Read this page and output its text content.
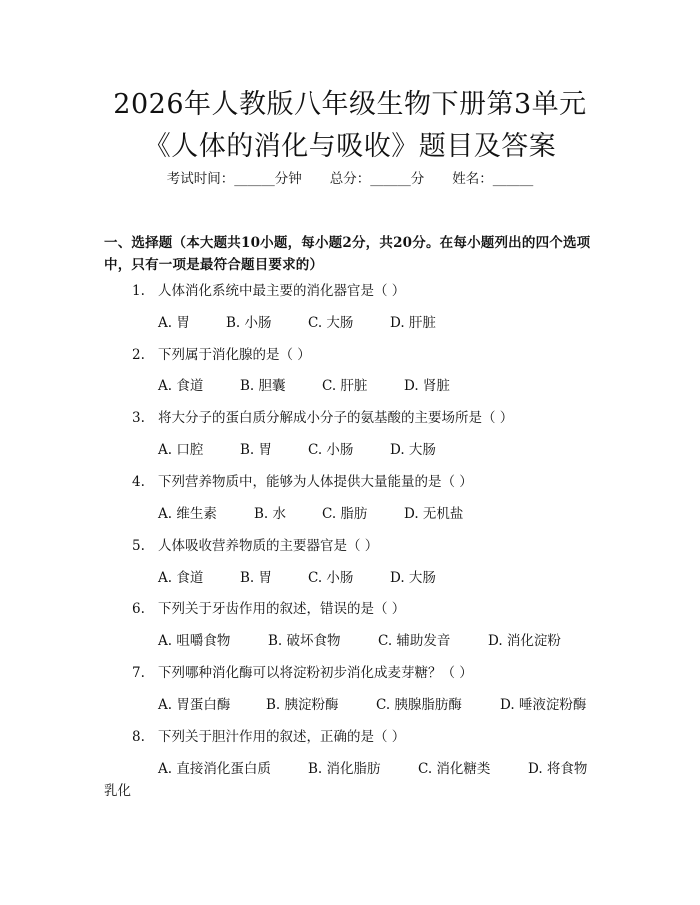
2026年人教版八年级生物下册第3单元《人体的消化与吸收》题目及答案
考试时间：______分钟 总分：______分 姓名：______
一、选择题（本大题共10小题，每小题2分，共20分。在每小题列出的四个选项中，只有一项是最符合题目要求的）
1. 人体消化系统中最主要的消化器官是（ ）
A. 胃	B. 小肠	C. 大肠	D. 肝脏
2. 下列属于消化腺的是（ ）
A. 食道	B. 胆囊	C. 肝脏	D. 肾脏
3. 将大分子的蛋白质分解成小分子的氨基酸的主要场所是（ ）
A. 口腔	B. 胃	C. 小肠	D. 大肠
4. 下列营养物质中，能够为人体提供大量能量的是（ ）
A. 维生素	B. 水	C. 脂肪	D. 无机盐
5. 人体吸收营养物质的主要器官是（ ）
A. 食道	B. 胃	C. 小肠	D. 大肠
6. 下列关于牙齿作用的叙述，错误的是（ ）
A. 咀嚼食物	B. 破坏食物	C. 辅助发音	D. 消化淀粉
7. 下列哪种消化酶可以将淀粉初步消化成麦芽糖？（ ）
A. 胃蛋白酶	B. 胰淀粉酶	C. 胰腺脂肪酶	D. 唾液淀粉酶
8. 下列关于胆汁作用的叙述，正确的是（ ）
A. 直接消化蛋白质	B. 消化脂肪	C. 消化糖类	D. 将食物
乳化
